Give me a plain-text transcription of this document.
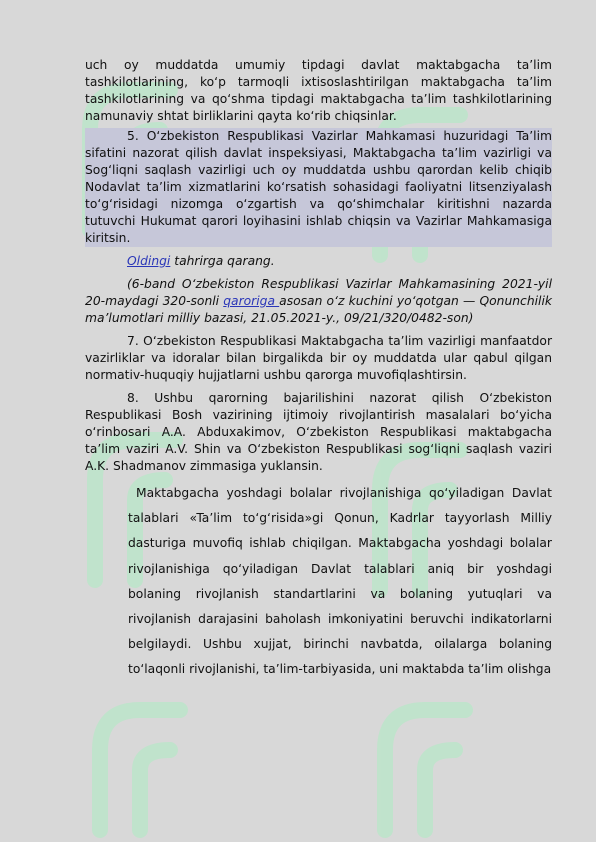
uch oy muddatda umumiy tipdagi davlat maktabgacha ta’lim tashkilotlarining, ko‘p tarmoqli ixtisoslashtirilgan maktabgacha ta’lim tashkilotlarining va qo‘shma tipdagi maktabgacha ta’lim tashkilotlarining namunaviy shtat birliklarini qayta ko‘rib chiqsinlar.

5. O‘zbekiston Respublikasi Vazirlar Mahkamasi huzuridagi Ta’lim sifatini nazorat qilish davlat inspeksiyasi, Maktabgacha ta’lim vazirligi va Sog‘liqni saqlash vazirligi uch oy muddatda ushbu qarordan kelib chiqib Nodavlat ta’lim xizmatlarini ko‘rsatish sohasidagi faoliyatni litsenziyalash to‘g‘risidagi nizomga o‘zgartish va qo‘shimchalar kiritishni nazarda tutuvchi Hukumat qarori loyihasini ishlab chiqsin va Vazirlar Mahkamasiga kiritsin.

Oldingi tahrirga qarang.

(6-band O‘zbekiston Respublikasi Vazirlar Mahkamasining 2021-yil 20-maydagi 320-sonli qaroriga asosan o‘z kuchini yo‘qotgan — Qonunchilik ma’lumotlari milliy bazasi, 21.05.2021-y., 09/21/320/0482-son)

7. O‘zbekiston Respublikasi Maktabgacha ta’lim vazirligi manfaatdor vazirliklar va idoralar bilan birgalikda bir oy muddatda ular qabul qilgan normativ-huquqiy hujjatlarni ushbu qarorga muvofiqlashtirsin.

8. Ushbu qarorning bajarilishini nazorat qilish O‘zbekiston Respublikasi Bosh vazirining ijtimoiy rivojlantirish masalalari bo‘yicha o‘rinbosari A.A. Abduxakimov, O‘zbekiston Respublikasi maktabgacha ta’lim vaziri A.V. Shin va O‘zbekiston Respublikasi sog‘liqni saqlash vaziri A.K. Shadmanov zimmasiga yuklansin.

Maktabgacha yoshdagi bolalar rivojlanishiga qo‘yiladigan Davlat talablari «Ta’lim to‘g‘risida»gi Qonun, Kadrlar tayyorlash Milliy dasturiga muvofiq ishlab chiqilgan. Maktabgacha yoshdagi bolalar rivojlanishiga qo‘yiladigan Davlat talablari aniq bir yoshdagi bolaning rivojlanish standartlarini va bolaning yutuqlari va rivojlanish darajasini baholash imkoniyatini beruvchi indikatorlarni belgilaydi. Ushbu xujjat, birinchi navbatda, oilalarga bolaning to‘laqonli rivojlanishi, ta’lim-tarbiyasida, uni maktabda ta’lim olishga
